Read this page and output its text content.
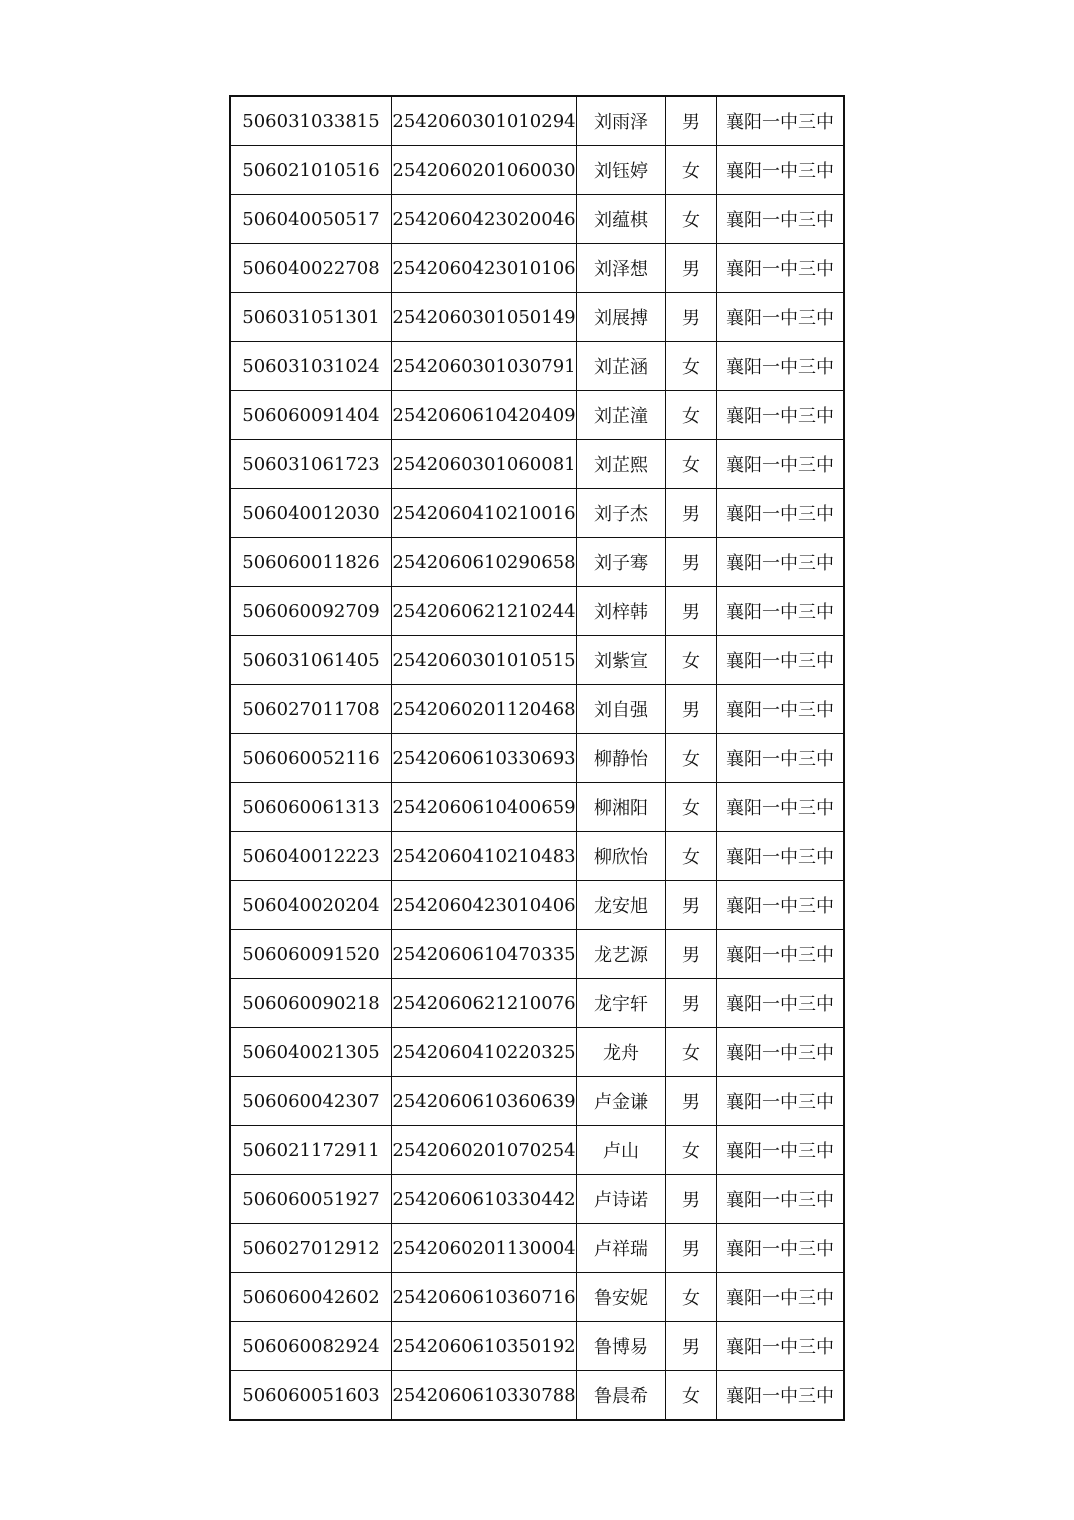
506031033815	2542060301010294	刘雨泽	男	襄阳一中三中
506021010516	2542060201060030	刘钰婷	女	襄阳一中三中
506040050517	2542060423020046	刘蕴棋	女	襄阳一中三中
506040022708	2542060423010106	刘泽想	男	襄阳一中三中
506031051301	2542060301050149	刘展搏	男	襄阳一中三中
506031031024	2542060301030791	刘芷涵	女	襄阳一中三中
506060091404	2542060610420409	刘芷潼	女	襄阳一中三中
506031061723	2542060301060081	刘芷熙	女	襄阳一中三中
506040012030	2542060410210016	刘子杰	男	襄阳一中三中
506060011826	2542060610290658	刘子骞	男	襄阳一中三中
506060092709	2542060621210244	刘梓韩	男	襄阳一中三中
506031061405	2542060301010515	刘紫宣	女	襄阳一中三中
506027011708	2542060201120468	刘自强	男	襄阳一中三中
506060052116	2542060610330693	柳静怡	女	襄阳一中三中
506060061313	2542060610400659	柳湘阳	女	襄阳一中三中
506040012223	2542060410210483	柳欣怡	女	襄阳一中三中
506040020204	2542060423010406	龙安旭	男	襄阳一中三中
506060091520	2542060610470335	龙艺源	男	襄阳一中三中
506060090218	2542060621210076	龙宇轩	男	襄阳一中三中
506040021305	2542060410220325	龙舟	女	襄阳一中三中
506060042307	2542060610360639	卢金谦	男	襄阳一中三中
506021172911	2542060201070254	卢山	女	襄阳一中三中
506060051927	2542060610330442	卢诗诺	男	襄阳一中三中
506027012912	2542060201130004	卢祥瑞	男	襄阳一中三中
506060042602	2542060610360716	鲁安妮	女	襄阳一中三中
506060082924	2542060610350192	鲁博易	男	襄阳一中三中
506060051603	2542060610330788	鲁晨希	女	襄阳一中三中
